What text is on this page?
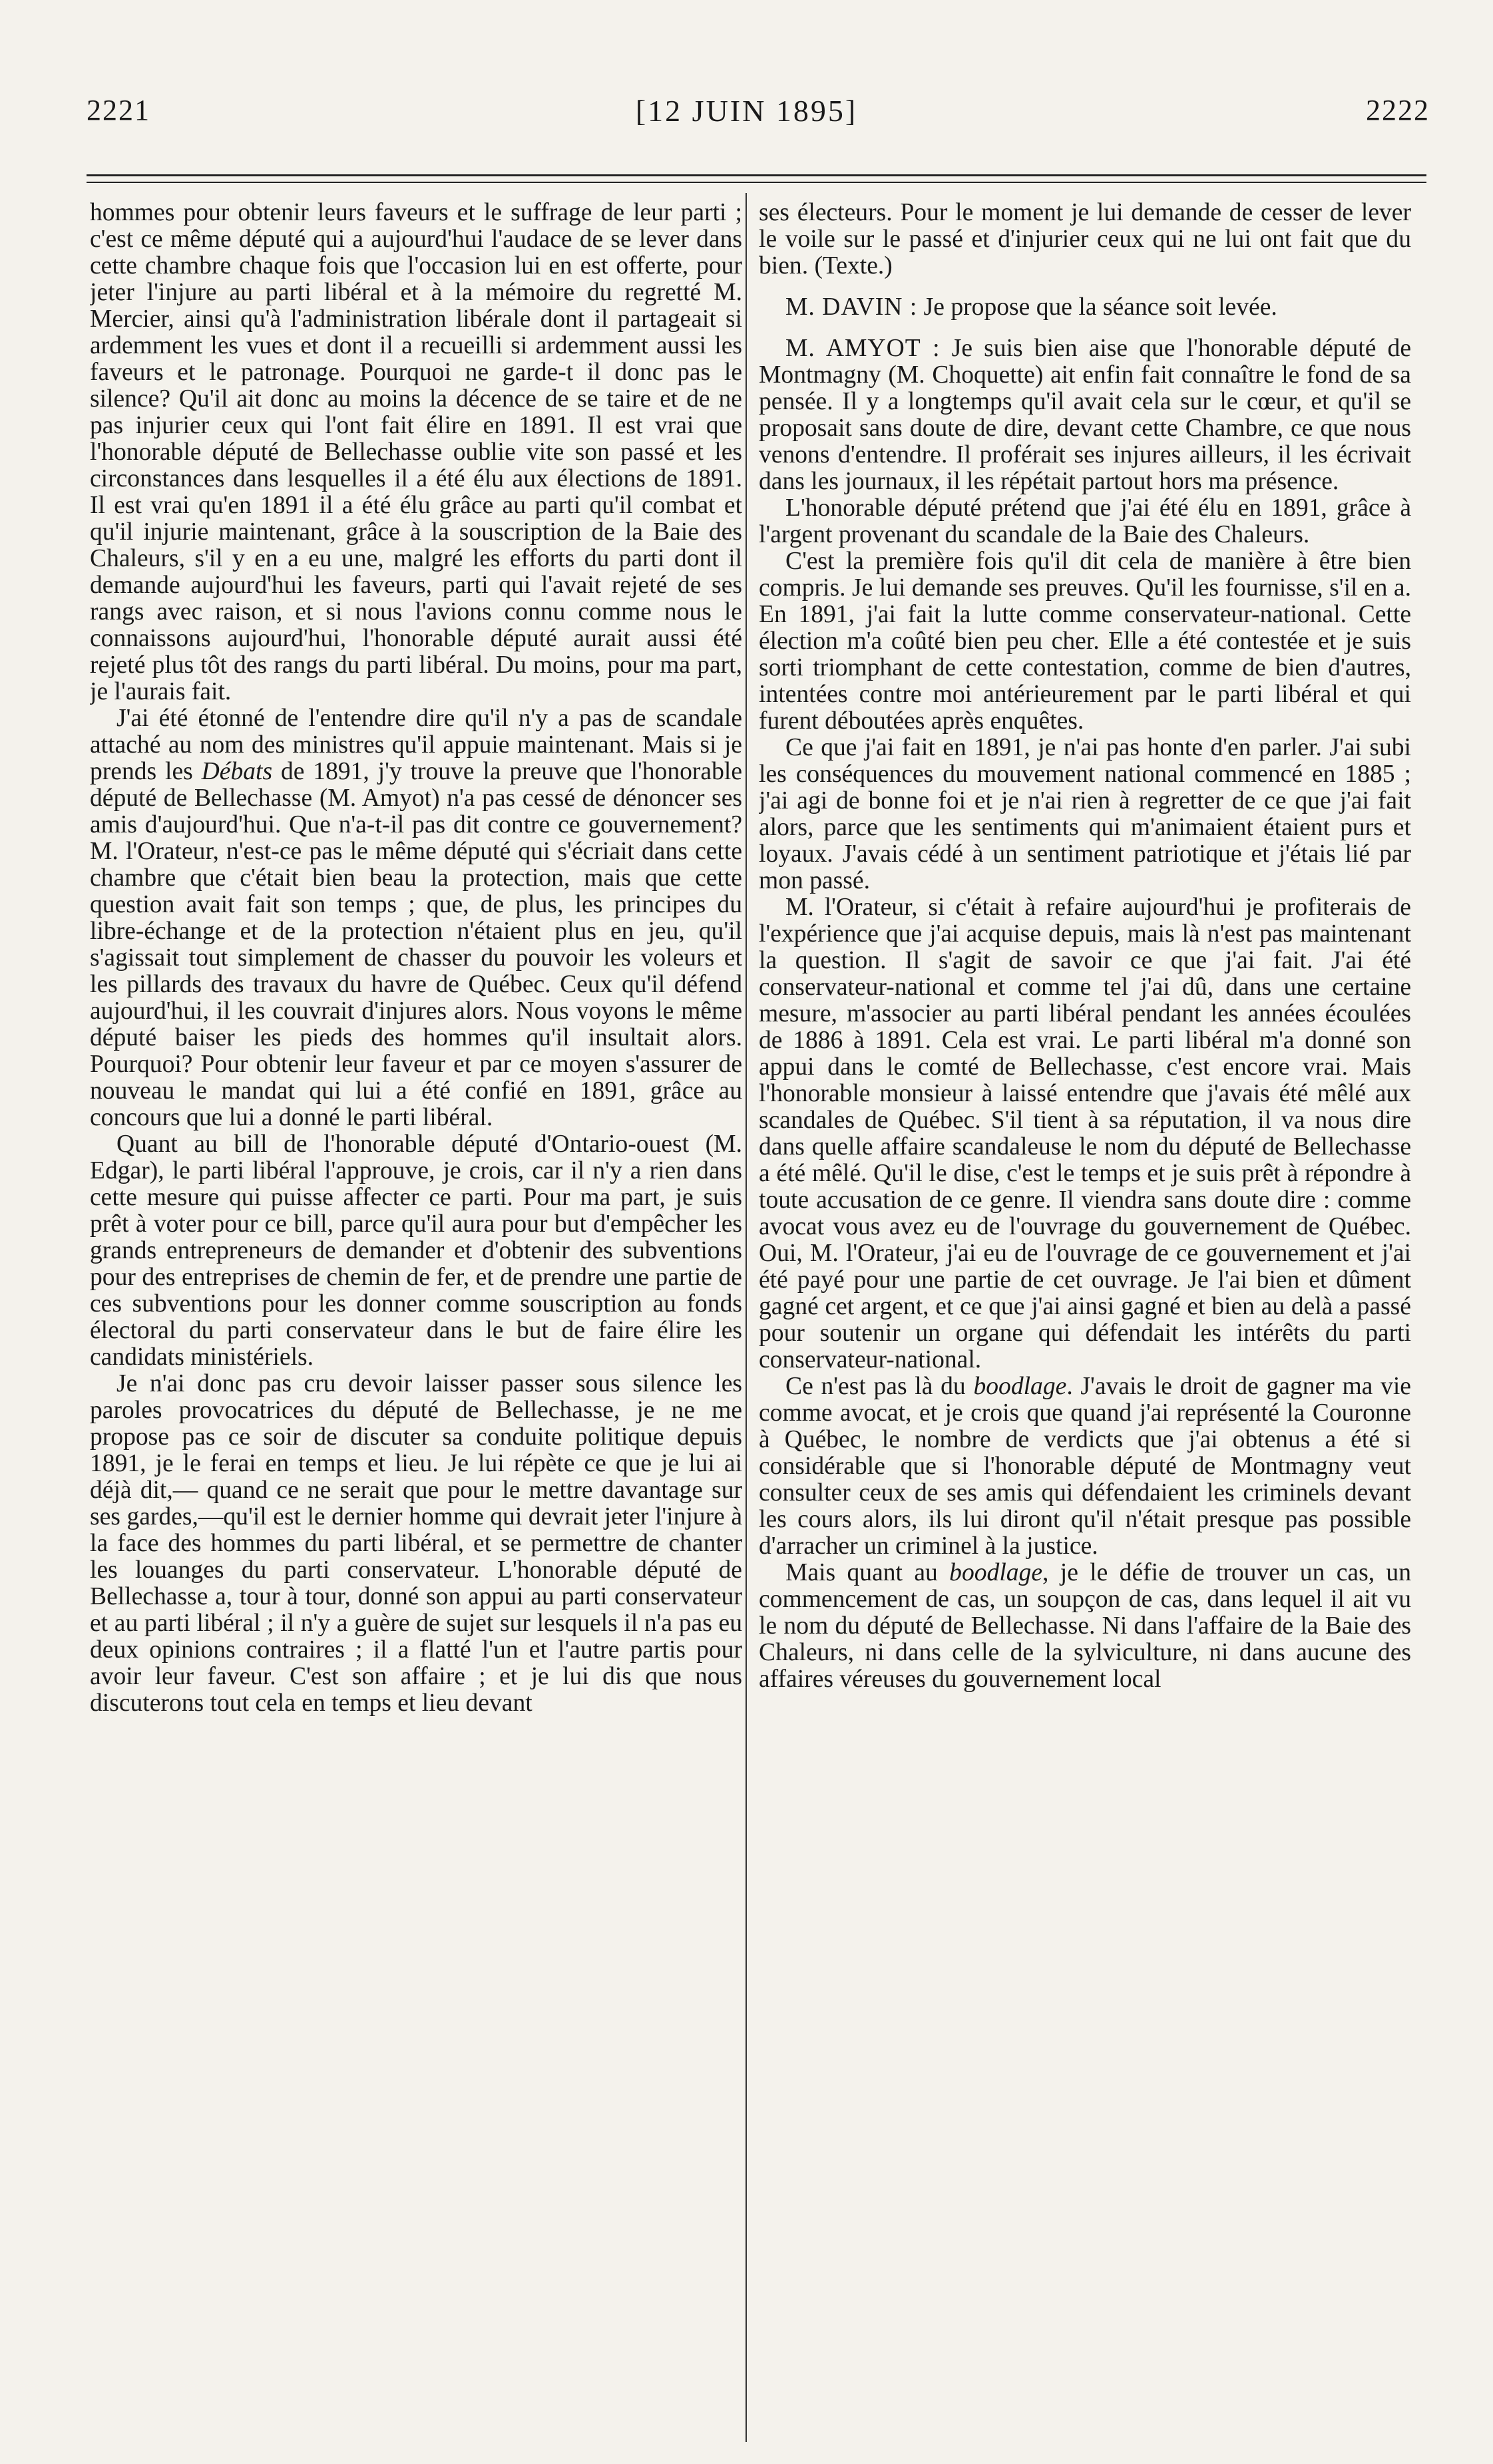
2221	[12 JUIN 1895]	2222

hommes pour obtenir leurs faveurs et le suffrage de leur parti ; c'est ce même député qui a aujourd'hui l'audace de se lever dans cette chambre chaque fois que l'occasion lui en est offerte, pour jeter l'injure au parti libéral et à la mémoire du regretté M. Mercier, ainsi qu'à l'administration libérale dont il partageait si ardemment les vues et dont il a recueilli si ardemment aussi les faveurs et le patronage. Pourquoi ne garde-t il donc pas le silence? Qu'il ait donc au moins la décence de se taire et de ne pas injurier ceux qui l'ont fait élire en 1891. Il est vrai que l'honorable député de Bellechasse oublie vite son passé et les circonstances dans lesquelles il a été élu aux élections de 1891. Il est vrai qu'en 1891 il a été élu grâce au parti qu'il combat et qu'il injurie maintenant, grâce à la souscription de la Baie des Chaleurs, s'il y en a eu une, malgré les efforts du parti dont il demande aujourd'hui les faveurs, parti qui l'avait rejeté de ses rangs avec raison, et si nous l'avions connu comme nous le connaissons aujourd'hui, l'honorable député aurait aussi été rejeté plus tôt des rangs du parti libéral. Du moins, pour ma part, je l'aurais fait.

J'ai été étonné de l'entendre dire qu'il n'y a pas de scandale attaché au nom des ministres qu'il appuie maintenant. Mais si je prends les Débats de 1891, j'y trouve la preuve que l'honorable député de Bellechasse (M. Amyot) n'a pas cessé de dénoncer ses amis d'aujourd'hui. Que n'a-t-il pas dit contre ce gouvernement? M. l'Orateur, n'est-ce pas le même député qui s'écriait dans cette chambre que c'était bien beau la protection, mais que cette question avait fait son temps ; que, de plus, les principes du libre-échange et de la protection n'étaient plus en jeu, qu'il s'agissait tout simplement de chasser du pouvoir les voleurs et les pillards des travaux du havre de Québec. Ceux qu'il défend aujourd'hui, il les couvrait d'injures alors. Nous voyons le même député baiser les pieds des hommes qu'il insultait alors. Pourquoi? Pour obtenir leur faveur et par ce moyen s'assurer de nouveau le mandat qui lui a été confié en 1891, grâce au concours que lui a donné le parti libéral.

Quant au bill de l'honorable député d'Ontario-ouest (M. Edgar), le parti libéral l'approuve, je crois, car il n'y a rien dans cette mesure qui puisse affecter ce parti. Pour ma part, je suis prêt à voter pour ce bill, parce qu'il aura pour but d'empêcher les grands entrepreneurs de demander et d'obtenir des subventions pour des entreprises de chemin de fer, et de prendre une partie de ces subventions pour les donner comme souscription au fonds électoral du parti conservateur dans le but de faire élire les candidats ministériels.

Je n'ai donc pas cru devoir laisser passer sous silence les paroles provocatrices du député de Bellechasse, je ne me propose pas ce soir de discuter sa conduite politique depuis 1891, je le ferai en temps et lieu. Je lui répète ce que je lui ai déjà dit,— quand ce ne serait que pour le mettre davantage sur ses gardes,—qu'il est le dernier homme qui devrait jeter l'injure à la face des hommes du parti libéral, et se permettre de chanter les louanges du parti conservateur. L'honorable député de Bellechasse a, tour à tour, donné son appui au parti conservateur et au parti libéral ; il n'y a guère de sujet sur lesquels il n'a pas eu deux opinions contraires ; il a flatté l'un et l'autre partis pour avoir leur faveur. C'est son affaire ; et je lui dis que nous discuterons tout cela en temps et lieu devant

ses électeurs. Pour le moment je lui demande de cesser de lever le voile sur le passé et d'injurier ceux qui ne lui ont fait que du bien. (Texte.)

M. DAVIN : Je propose que la séance soit levée.

M. AMYOT : Je suis bien aise que l'honorable député de Montmagny (M. Choquette) ait enfin fait connaître le fond de sa pensée. Il y a longtemps qu'il avait cela sur le cœur, et qu'il se proposait sans doute de dire, devant cette Chambre, ce que nous venons d'entendre. Il proférait ses injures ailleurs, il les écrivait dans les journaux, il les répétait partout hors ma présence.

L'honorable député prétend que j'ai été élu en 1891, grâce à l'argent provenant du scandale de la Baie des Chaleurs.

C'est la première fois qu'il dit cela de manière à être bien compris. Je lui demande ses preuves. Qu'il les fournisse, s'il en a. En 1891, j'ai fait la lutte comme conservateur-national. Cette élection m'a coûté bien peu cher. Elle a été contestée et je suis sorti triomphant de cette contestation, comme de bien d'autres, intentées contre moi antérieurement par le parti libéral et qui furent déboutées après enquêtes.

Ce que j'ai fait en 1891, je n'ai pas honte d'en parler. J'ai subi les conséquences du mouvement national commencé en 1885 ; j'ai agi de bonne foi et je n'ai rien à regretter de ce que j'ai fait alors, parce que les sentiments qui m'animaient étaient purs et loyaux. J'avais cédé à un sentiment patriotique et j'étais lié par mon passé.

M. l'Orateur, si c'était à refaire aujourd'hui je profiterais de l'expérience que j'ai acquise depuis, mais là n'est pas maintenant la question. Il s'agit de savoir ce que j'ai fait. J'ai été conservateur-national et comme tel j'ai dû, dans une certaine mesure, m'associer au parti libéral pendant les années écoulées de 1886 à 1891. Cela est vrai. Le parti libéral m'a donné son appui dans le comté de Bellechasse, c'est encore vrai. Mais l'honorable monsieur à laissé entendre que j'avais été mêlé aux scandales de Québec. S'il tient à sa réputation, il va nous dire dans quelle affaire scandaleuse le nom du député de Bellechasse a été mêlé. Qu'il le dise, c'est le temps et je suis prêt à répondre à toute accusation de ce genre. Il viendra sans doute dire : comme avocat vous avez eu de l'ouvrage du gouvernement de Québec. Oui, M. l'Orateur, j'ai eu de l'ouvrage de ce gouvernement et j'ai été payé pour une partie de cet ouvrage. Je l'ai bien et dûment gagné cet argent, et ce que j'ai ainsi gagné et bien au delà a passé pour soutenir un organe qui défendait les intérêts du parti conservateur-national.

Ce n'est pas là du boodlage. J'avais le droit de gagner ma vie comme avocat, et je crois que quand j'ai représenté la Couronne à Québec, le nombre de verdicts que j'ai obtenus a été si considérable que si l'honorable député de Montmagny veut consulter ceux de ses amis qui défendaient les criminels devant les cours alors, ils lui diront qu'il n'était presque pas possible d'arracher un criminel à la justice.

Mais quant au boodlage, je le défie de trouver un cas, un commencement de cas, un soupçon de cas, dans lequel il ait vu le nom du député de Bellechasse. Ni dans l'affaire de la Baie des Chaleurs, ni dans celle de la sylviculture, ni dans aucune des affaires véreuses du gouvernement local
